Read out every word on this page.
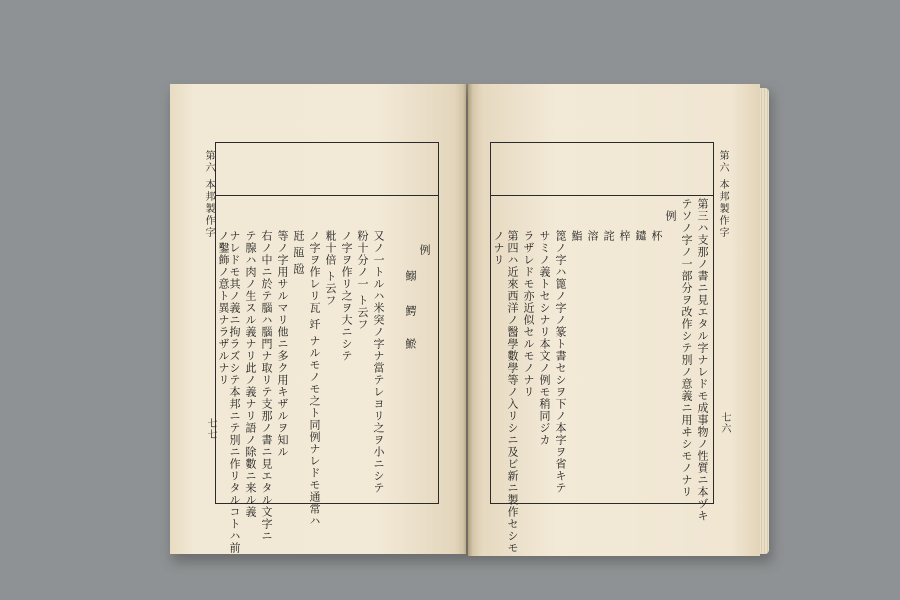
第六 本邦製作字
七七
例
鰯
鰐
鯲
又ノ一トルハ米突ノ字ナ當テレヨリ之ヲ小ニシテ
粉十分ノ一 ト云フ
ノ字ヲ作リ之ヲ大ニシテ
粃十倍 ト云フ
ノ字ヲ作レリ瓦 竏 ナルモノモ之ト同例ナレドモ通常ハ
瓩 瓸 瓰
等ノ字用サルマリ他ニ多ク用キザルヲ知ル
右ノ中ニ於テ腦ハ腦門ナ取リテ支那ノ書ニ見エタル文字ニ
テ腺ハ肉ノ生スル義ナリ此ノ義ナリ語ノ除數ニ来ル義
ナレドモ其ノ義ニ拘ラズシテ本邦ニテ別ニ作リタルコトハ前
ノ鑿飾ノ意ト異ナラザルナリ
第六 本邦製作字
七六
第三ハ支那ノ書ニ見エタル字ナレドモ成事物ノ性質ニ本ヅキ
テソノ字ノ一部分ヲ改作シテ別ノ意義ニ用ヰシモノナリ
例
杯
鑓
梓
詫
溶
鮨
箆ノ字ハ篦ノ字ノ篆ト書セシヲ下ノ本字ヲ省キテ
サミノ義トセシナリ本文ノ例モ稍同ジカ
ラザレドモ亦近似セルモノナリ
第四ハ近來西洋ノ醫學數學等ノ入リシニ及ビ新ニ製作セシモ
ノナリ
